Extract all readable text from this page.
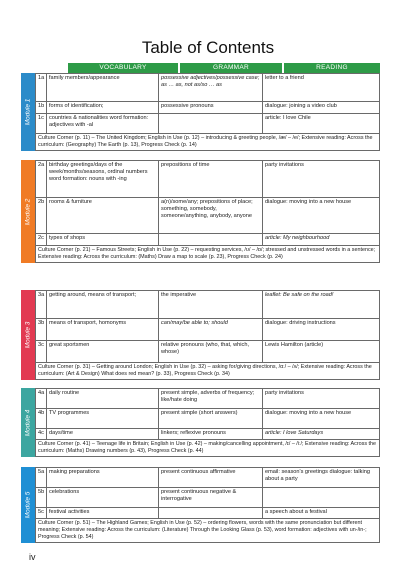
Table of Contents
VOCABULARY	GRAMMAR	READING
Module 1
1a	family members/appearance	possessive adjectives/possessive case; as … as, not as/so … as	letter to a friend
1b	forms of identification;	possessive pronouns	dialogue: joining a video club
1c	countries & nationalities word formation: adjectives with -al		article: I love Chile
Culture Corner (p. 11) – The United Kingdom; English in Use (p. 12) – introducing & greeting people, /æ/ – /e/; Extensive reading: Across the curriculum: (Geography) The Earth (p. 13), Progress Check (p. 14)
Module 2
2a	birthday greetings/days of the week/months/seasons, ordinal numbers word formation: nouns with -ing	prepositions of time	party invitations
2b	rooms & furniture	a(n)/some/any; prepositions of place; something, somebody, someone/anything, anybody, anyone	dialogue: moving into a new house
2c	types of shops		article: My neighbourhood
Culture Corner (p. 21) – Famous Streets; English in Use (p. 22) – requesting services, /ʊ/ – /ɒ/; stressed and unstressed words in a sentence; Extensive reading: Across the curriculum: (Maths) Draw a map to scale (p. 23), Progress Check (p. 24)
Module 3
3a	getting around, means of transport;	the imperative	leaflet: Be safe on the road!
3b	means of transport, homonyms	can/may/be able to; should	dialogue: driving instructions
3c	great sportsmen	relative pronouns (who, that, which, whose)	Lewis Hamilton (article)
Culture Corner (p. 31) – Getting around London; English in Use (p. 32) – asking for/giving directions, /ɑː/ – /ʌ/; Extensive reading: Across the curriculum: (Art & Design) What does red mean? (p. 33), Progress Check (p. 34)
Module 4
4a	daily routine	present simple, adverbs of frequency; like/hate doing	party invitations
4b	TV programmes	present simple (short answers)	dialogue: moving into a new house
4c	days/time	linkers; reflexive pronouns	article: I love Saturdays
Culture Corner (p. 41) – Teenage life in Britain; English in Use (p. 42) – making/cancelling appointment, /ɪ/ – /iː/; Extensive reading: Across the curriculum: (Maths) Drawing numbers (p. 43), Progress Check (p. 44)
Module 5
5a	making preparations	present continuous affirmative	email: season's greetings dialogue: talking about a party
5b	celebrations	present continuous negative & interrogative	
5c	festival activities		a speech about a festival
Culture Corner (p. 51) – The Highland Games; English in Use (p. 52) – ordering flowers, words with the same pronunciation but different meaning; Extensive reading: Across the curriculum: (Literature) Through the Looking Glass (p. 53), word formation: adjectives with un-/in-; Progress Check (p. 54)
iv
